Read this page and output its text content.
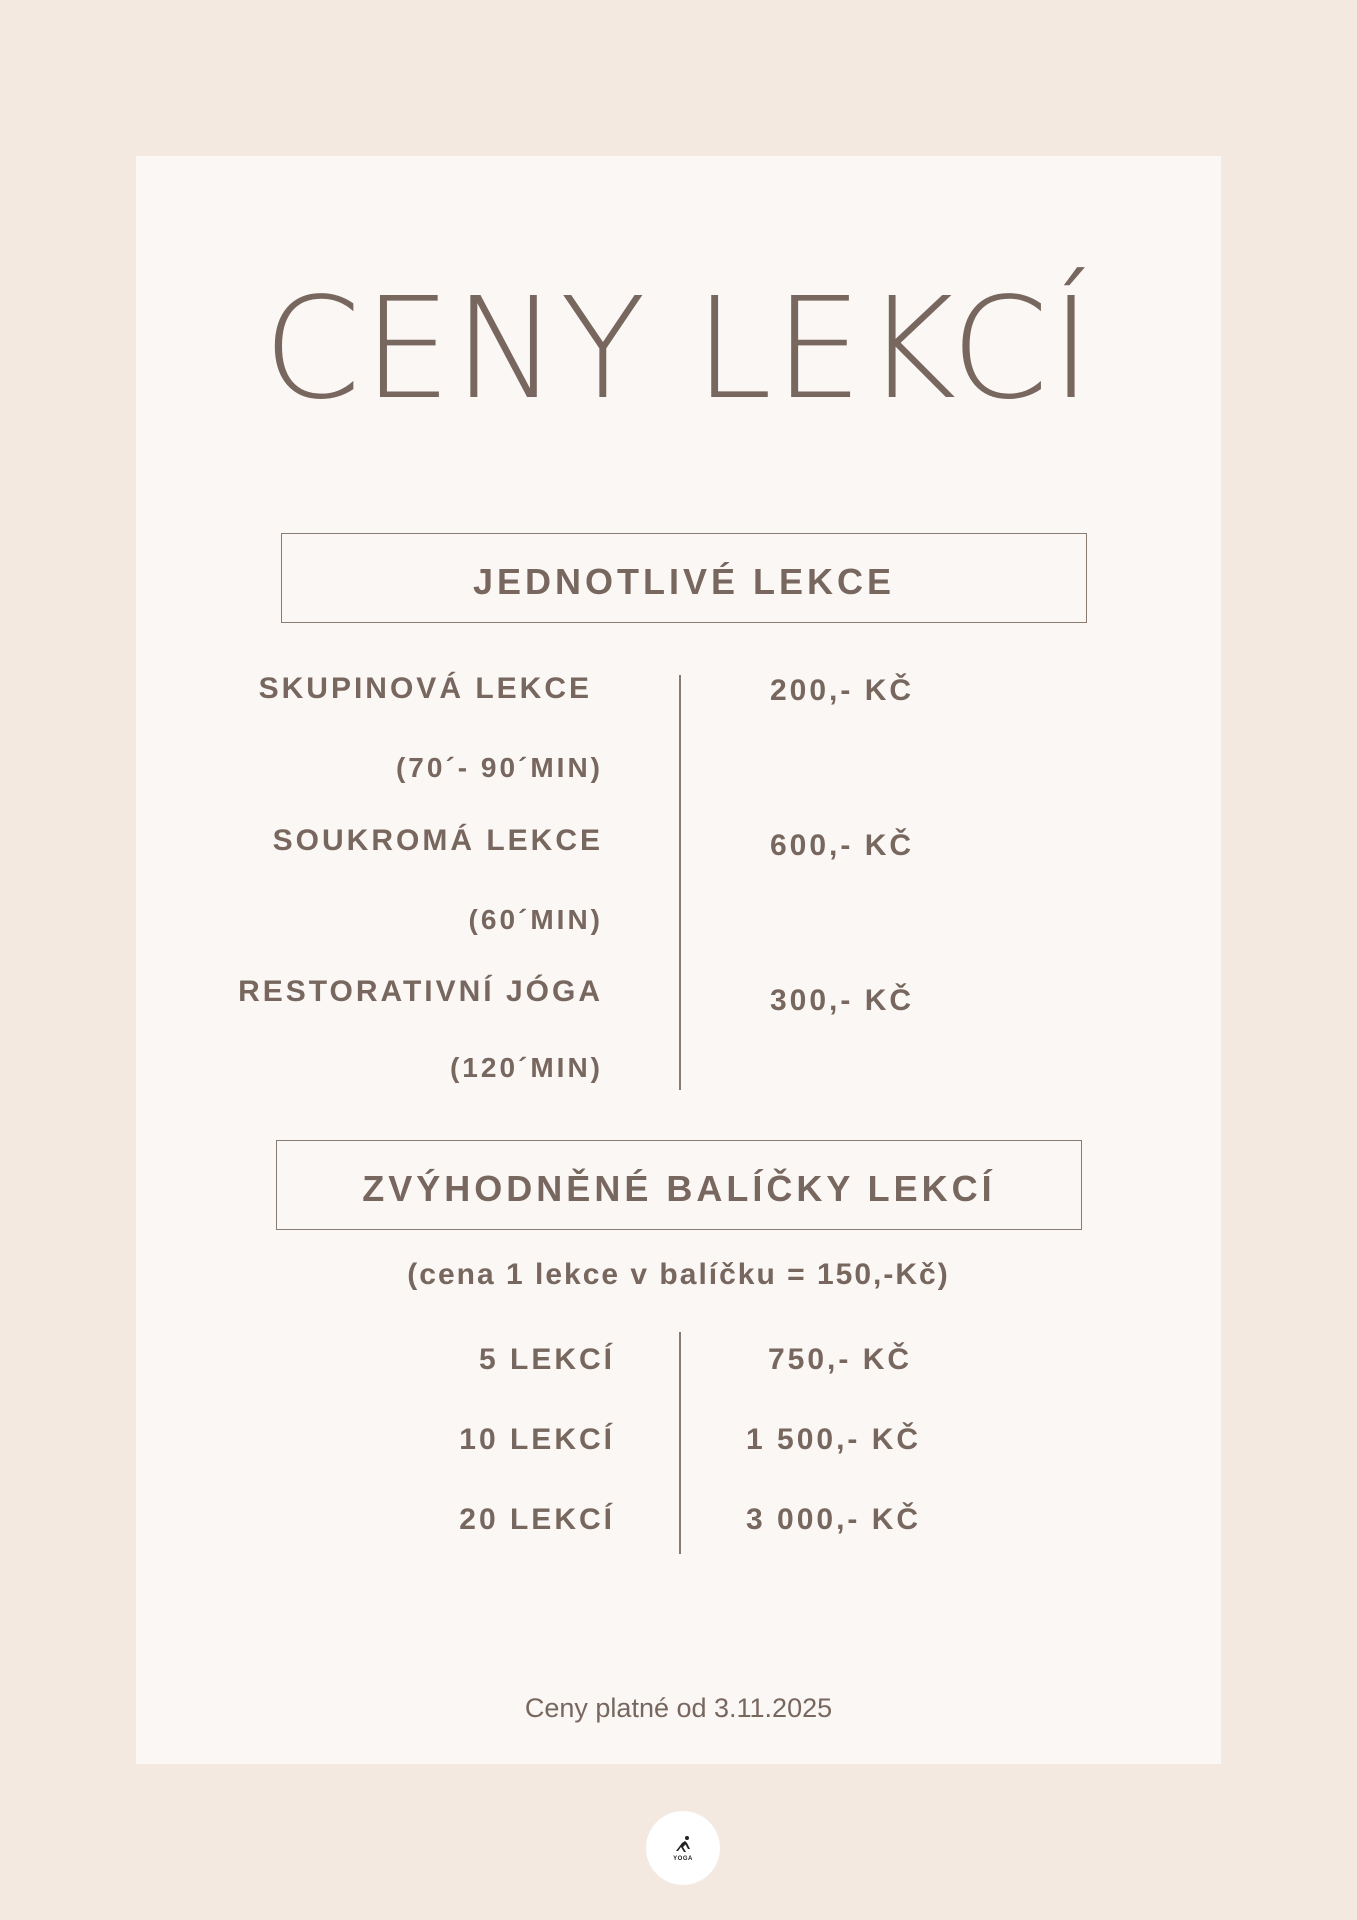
CENY LEKCÍ
JEDNOTLIVÉ LEKCE
SKUPINOVÁ LEKCE
(70´- 90´MIN)
200,- KČ
SOUKROMÁ LEKCE
(60´MIN)
600,- KČ
RESTORATIVNÍ JÓGA
(120´MIN)
300,- KČ
ZVÝHODNĚNÉ BALÍČKY LEKCÍ
(cena 1 lekce v balíčku = 150,-Kč)
5 LEKCÍ	750,- KČ
10 LEKCÍ	1 500,- KČ
20 LEKCÍ	3 000,- KČ
Ceny platné od 3.11.2025
YOGA
